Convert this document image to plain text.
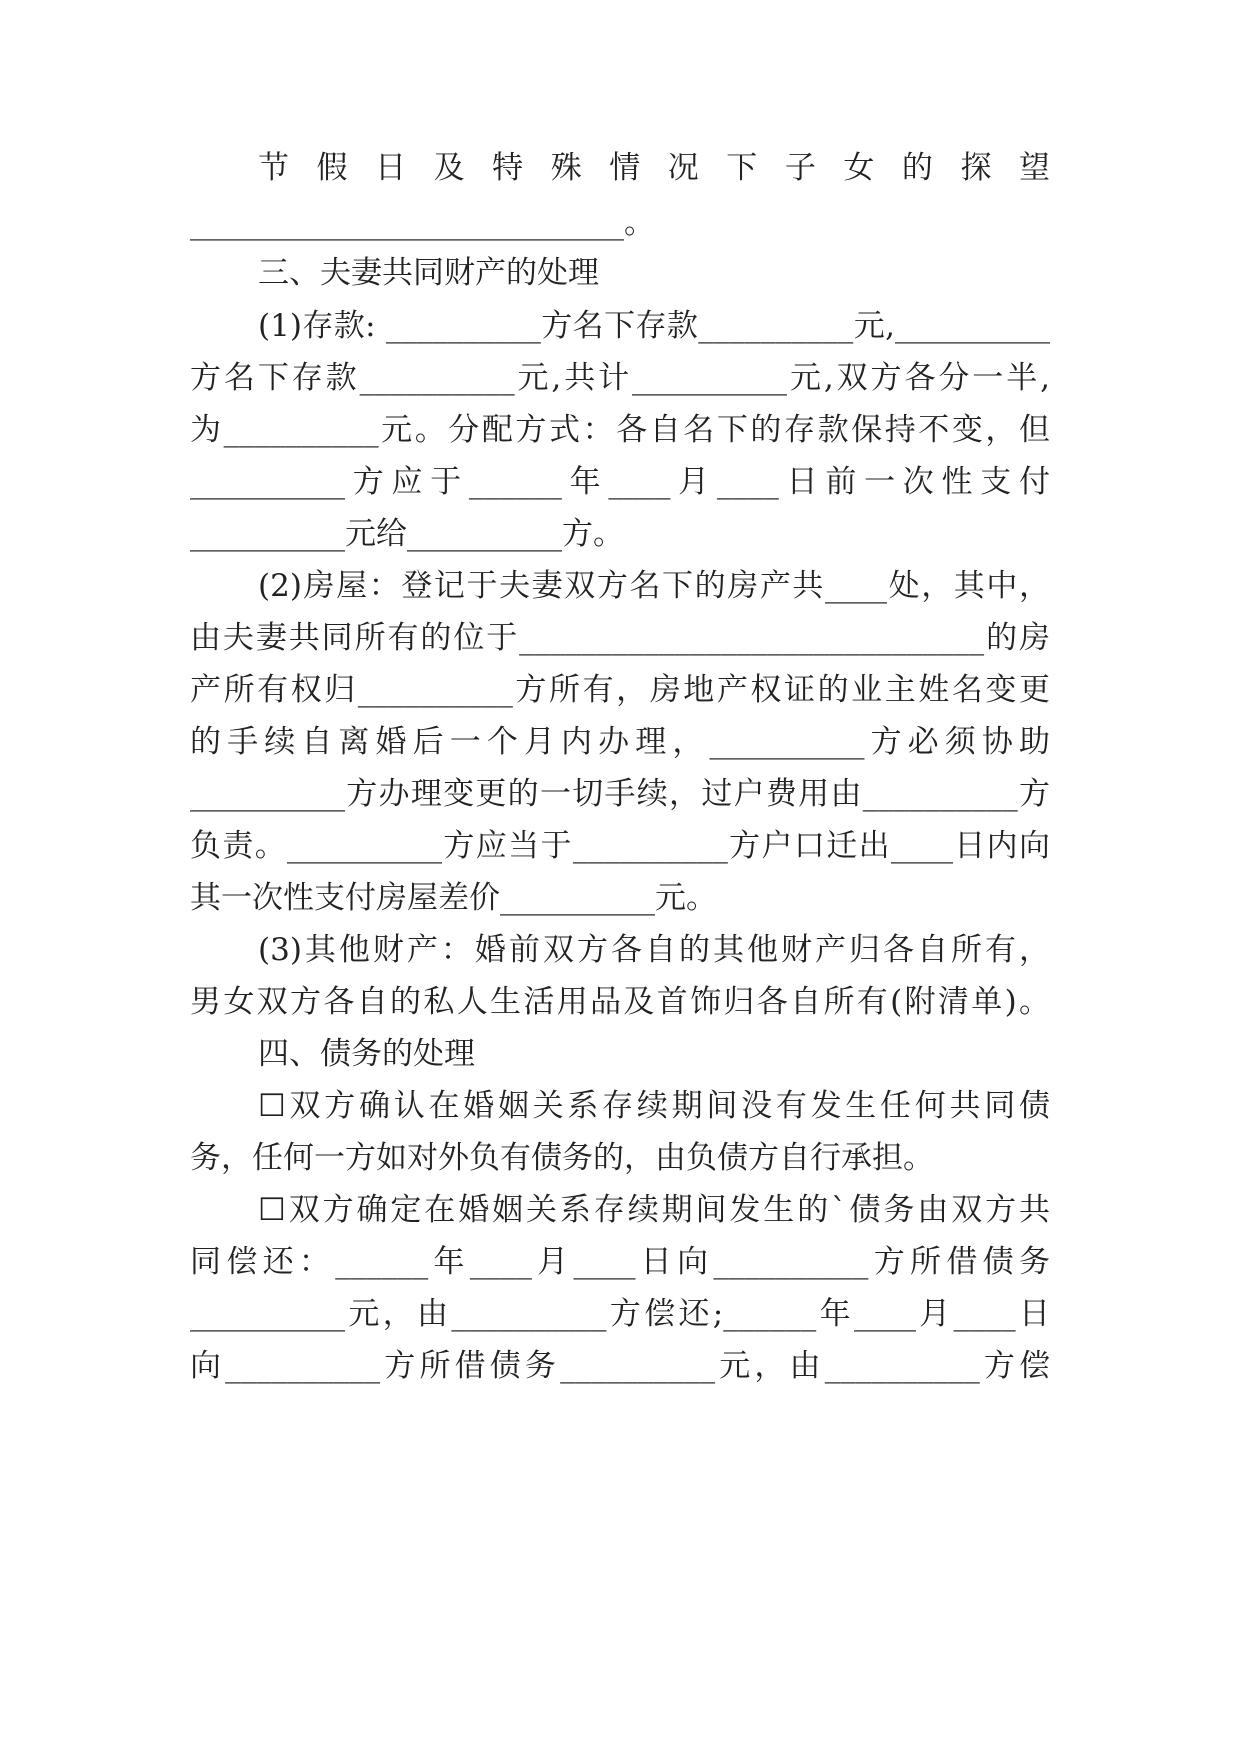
节 假 日 及 特 殊 情 况 下 子 女 的 探 望
____________________________。
三、夫妻共同财产的处理
(1)存款: __________方名下存款__________元,__________
方名下存款__________元,共计__________元,双方各分一半,
为__________元。分配方式：各自名下的存款保持不变，但
__________方应于______年____月____日前一次性支付
__________元给__________方。
(2)房屋：登记于夫妻双方名下的房产共____处，其中，
由夫妻共同所有的位于______________________________的房
产所有权归__________方所有，房地产权证的业主姓名变更
的手续自离婚后一个月内办理，__________方必须协助
__________方办理变更的一切手续，过户费用由__________方
负责。__________方应当于__________方户口迁出____日内向
其一次性支付房屋差价__________元。
(3)其他财产：婚前双方各自的其他财产归各自所有，
男女双方各自的私人生活用品及首饰归各自所有(附清单)。
四、债务的处理
☐双方确认在婚姻关系存续期间没有发生任何共同债
务，任何一方如对外负有债务的，由负债方自行承担。
☐双方确定在婚姻关系存续期间发生的`债务由双方共
同偿还：______年____月____日向__________方所借债务
__________元，由__________方偿还;______年____月____日
向__________方所借债务__________元，由__________方偿
